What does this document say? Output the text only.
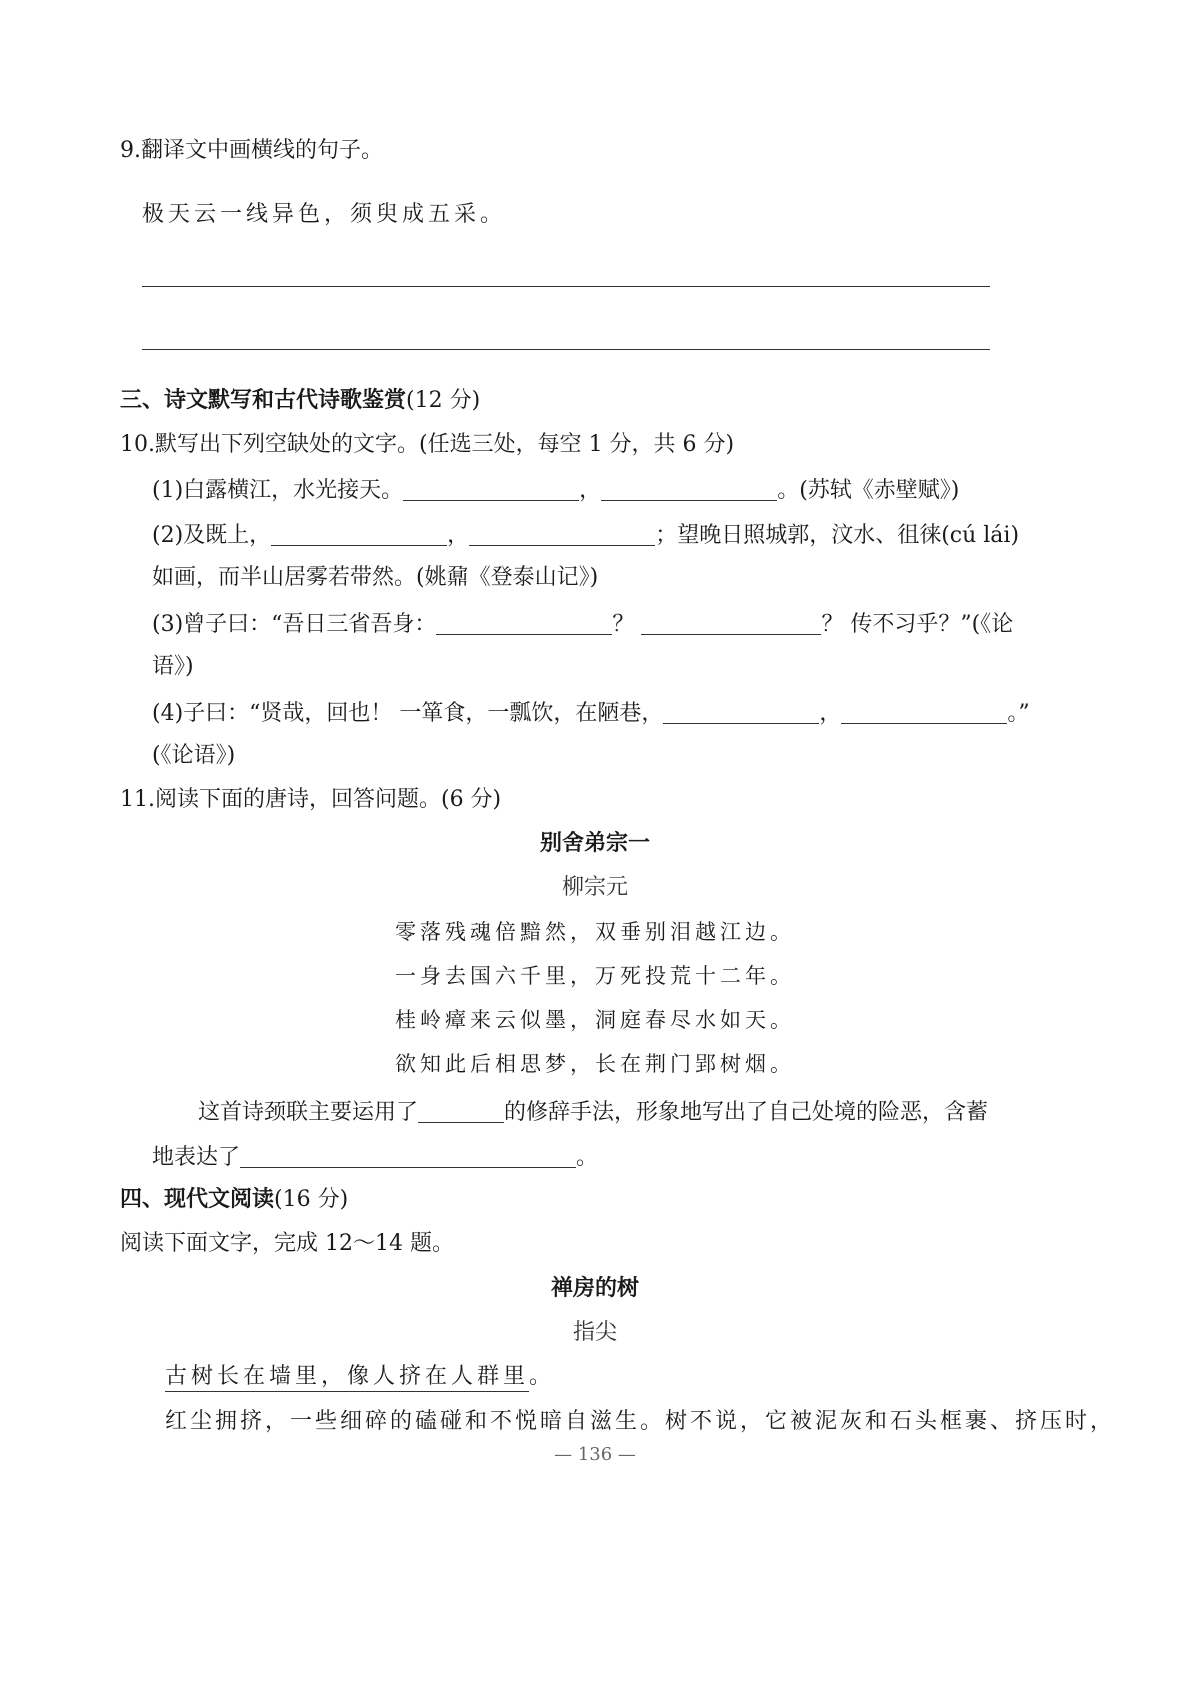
9.翻译文中画横线的句子。
极天云一线异色，须臾成五采。
三、诗文默写和古代诗歌鉴赏(12 分)
10.默写出下列空缺处的文字。(任选三处，每空 1 分，共 6 分)
(1)白露横江，水光接天。	，	。(苏轼《赤壁赋》)
(2)及既上，	，	；望晚日照城郭，汶水、徂徕(cú lái)
如画，而半山居雾若带然。(姚鼐《登泰山记》)
(3)曾子曰：“吾日三省吾身：	？	？ 传不习乎？”(《论
语》)
(4)子曰：“贤哉，回也！ 一箪食，一瓢饮，在陋巷，	，	。”
(《论语》)
11.阅读下面的唐诗，回答问题。(6 分)
别舍弟宗一
柳宗元
零落残魂倍黯然，双垂别泪越江边。
一身去国六千里，万死投荒十二年。
桂岭瘴来云似墨，洞庭春尽水如天。
欲知此后相思梦，长在荆门郢树烟。
这首诗颈联主要运用了	的修辞手法，形象地写出了自己处境的险恶，含蓄
地表达了	。
四、现代文阅读(16 分)
阅读下面文字，完成 12～14 题。
禅房的树
指尖
古树长在墙里，像人挤在人群里。
红尘拥挤，一些细碎的磕碰和不悦暗自滋生。树不说，它被泥灰和石头框裹、挤压时，
— 136 —
